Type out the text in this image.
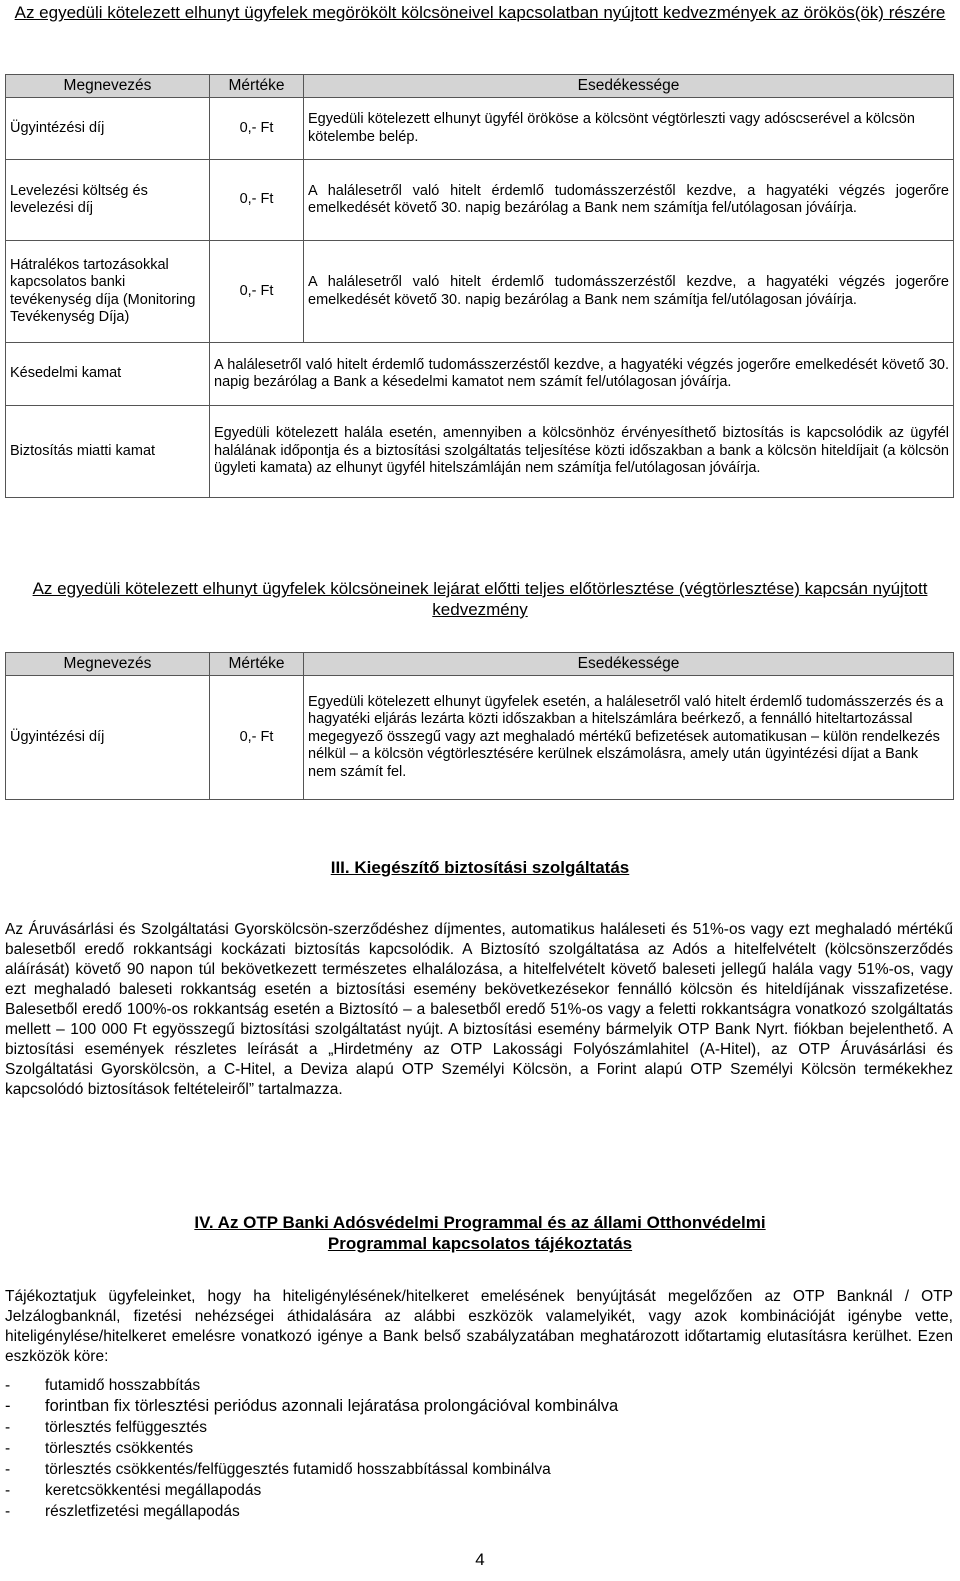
Az egyedüli kötelezett elhunyt ügyfelek megörökölt kölcsöneivel kapcsolatban nyújtott kedvezmények az örökös(ök) részére
Megnevezés	Mértéke	Esedékessége
Ügyintézési díj	0,- Ft	Egyedüli kötelezett elhunyt ügyfél örököse a kölcsönt végtörleszti vagy adóscserével a kölcsön kötelembe belép.
Levelezési költség és levelezési díj	0,- Ft	A halálesetről való hitelt érdemlő tudomásszerzéstől kezdve, a hagyatéki végzés jogerőre emelkedését követő 30. napig bezárólag a Bank nem számítja fel/utólagosan jóváírja.
Hátralékos tartozásokkal kapcsolatos banki tevékenység díja (Monitoring Tevékenység Díja)	0,- Ft	A halálesetről való hitelt érdemlő tudomásszerzéstől kezdve, a hagyatéki végzés jogerőre emelkedését követő 30. napig bezárólag a Bank nem számítja fel/utólagosan jóváírja.
Késedelmi kamat	A halálesetről való hitelt érdemlő tudomásszerzéstől kezdve, a hagyatéki végzés jogerőre emelkedését követő 30. napig bezárólag a Bank a késedelmi kamatot nem számít fel/utólagosan jóváírja.	
Biztosítás miatti kamat	Egyedüli kötelezett halála esetén, amennyiben a kölcsönhöz érvényesíthető biztosítás is kapcsolódik az ügyfél halálának időpontja és a biztosítási szolgáltatás teljesítése közti időszakban a bank a kölcsön hiteldíjait (a kölcsön ügyleti kamata) az elhunyt ügyfél hitelszámláján nem számítja fel/utólagosan jóváírja.	
Az egyedüli kötelezett elhunyt ügyfelek kölcsöneinek lejárat előtti teljes előtörlesztése (végtörlesztése) kapcsán nyújtott kedvezmény
Megnevezés	Mértéke	Esedékessége
Ügyintézési díj	0,- Ft	Egyedüli kötelezett elhunyt ügyfelek esetén, a halálesetről való hitelt érdemlő tudomásszerzés és a hagyatéki eljárás lezárta közti időszakban a hitelszámlára beérkező, a fennálló hiteltartozással megegyező összegű vagy azt meghaladó mértékű befizetések automatikusan – külön rendelkezés nélkül – a kölcsön végtörlesztésére kerülnek elszámolásra, amely után ügyintézési díjat a Bank nem számít fel.
III. Kiegészítő biztosítási szolgáltatás
Az Áruvásárlási és Szolgáltatási Gyorskölcsön-szerződéshez díjmentes, automatikus haláleseti és 51%-os vagy ezt meghaladó mértékű balesetből eredő rokkantsági kockázati biztosítás kapcsolódik. A Biztosító szolgáltatása az Adós a hitelfelvételt (kölcsönszerződés aláírását) követő 90 napon túl bekövetkezett természetes elhalálozása, a hitelfelvételt követő baleseti jellegű halála vagy 51%-os, vagy ezt meghaladó baleseti rokkantság esetén a biztosítási esemény bekövetkezésekor fennálló kölcsön és hiteldíjának visszafizetése. Balesetből eredő 100%-os rokkantság esetén a Biztosító – a balesetből eredő 51%-os vagy a feletti rokkantságra vonatkozó szolgáltatás mellett – 100 000 Ft egyösszegű biztosítási szolgáltatást nyújt. A biztosítási esemény bármelyik OTP Bank Nyrt. fiókban bejelenthető. A biztosítási események részletes leírását a „Hirdetmény az OTP Lakossági Folyószámlahitel (A-Hitel), az OTP Áruvásárlási és Szolgáltatási Gyorskölcsön, a C-Hitel, a Deviza alapú OTP Személyi Kölcsön, a Forint alapú OTP Személyi Kölcsön termékekhez kapcsolódó biztosítások feltételeiről” tartalmazza.
IV. Az OTP Banki Adósvédelmi Programmal és az állami Otthonvédelmi Programmal kapcsolatos tájékoztatás
Tájékoztatjuk ügyfeleinket, hogy ha hiteligénylésének/hitelkeret emelésének benyújtását megelőzően az OTP Banknál / OTP Jelzálogbanknál, fizetési nehézségei áthidalására az alábbi eszközök valamelyikét, vagy azok kombinációját igénybe vette, hiteligénylése/hitelkeret emelésre vonatkozó igénye a Bank belső szabályzatában meghatározott időtartamig elutasításra kerülhet. Ezen eszközök köre:
- futamidő hosszabbítás
- forintban fix törlesztési periódus azonnali lejáratása prolongációval kombinálva
- törlesztés felfüggesztés
- törlesztés csökkentés
- törlesztés csökkentés/felfüggesztés futamidő hosszabbítással kombinálva
- keretcsökkentési megállapodás
- részletfizetési megállapodás
4
